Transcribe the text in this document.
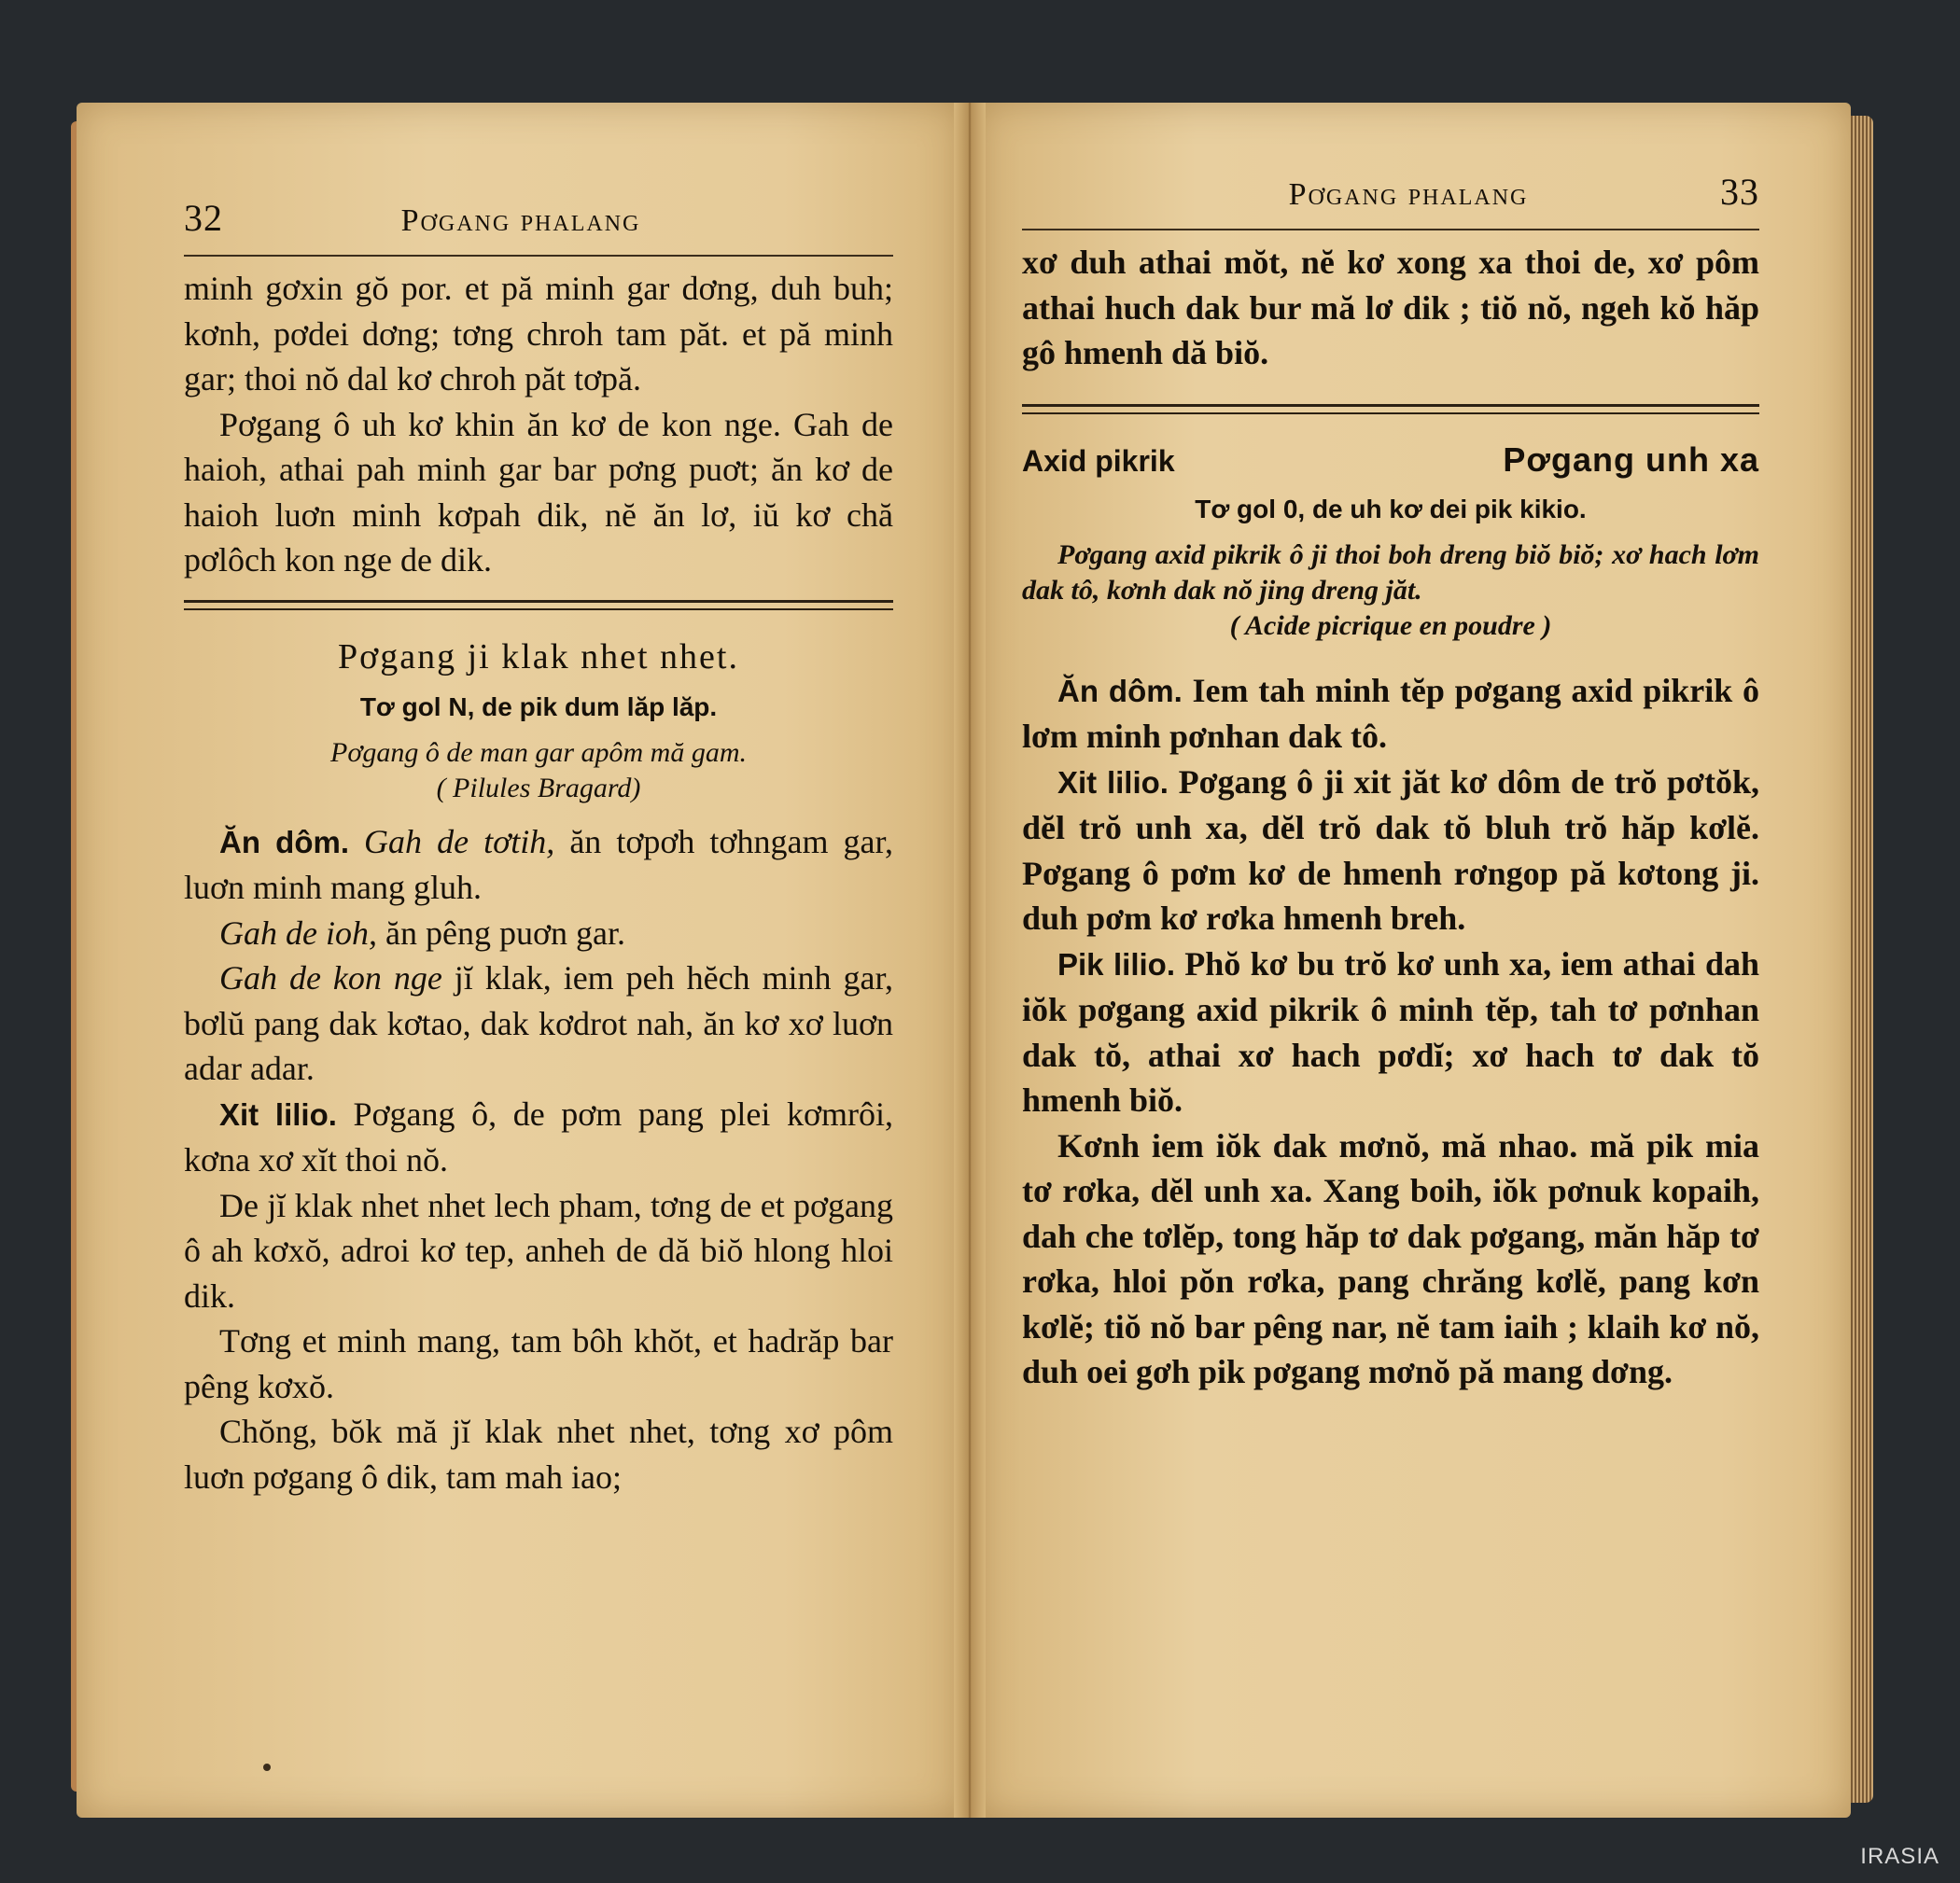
32	Pơgang phalang

minh gơxin gŏ por. et pă minh gar dơng, duh buh; kơnh, pơdei dơng; tơng chroh tam păt. et pă minh gar; thoi nŏ dal kơ chroh păt tơpă.

Pơgang ô uh kơ khin ăn kơ de kon nge. Gah de haioh, athai pah minh gar bar pơng puơt; ăn kơ de haioh luơn minh kơpah dik, nĕ ăn lơ, iŭ kơ chă pơlôch kon nge de dik.

Pơgang ji klak nhet nhet.
Tơ gol N, de pik dum lăp lăp.
Pơgang ô de man gar apôm mă gam.
( Pilules Bragard)

Ăn dôm. Gah de tơtih, ăn tơpơh tơhngam gar, luơn minh mang gluh.

Gah de ioh, ăn pêng puơn gar.

Gah de kon nge jĭ klak, iem peh hĕch minh gar, bơlŭ pang dak kơtao, dak kơdrot nah, ăn kơ xơ luơn adar adar.

Xit lilio. Pơgang ô, de pơm pang plei kơmrôi, kơna xơ xĭt thoi nŏ.

De jĭ klak nhet nhet lech pham, tơng de et pơgang ô ah kơxŏ, adroi kơ tep, anheh de dă biŏ hlong hloi dik.

Tơng et minh mang, tam bôh khŏt, et hadrăp bar pêng kơxŏ.

Chŏng, bŏk mă jĭ klak nhet nhet, tơng xơ pôm luơn pơgang ô dik, tam mah iao;

Pơgang phalang	33

xơ duh athai mŏt, nĕ kơ xong xa thoi de, xơ pôm athai huch dak bur mă lơ dik ; tiŏ nŏ, ngeh kŏ hăp gô hmenh dă biŏ.

Axid pikrik	Pơgang unh xa
Tơ gol 0, de uh kơ dei pik kikio.
Pơgang axid pikrik ô ji thoi boh dreng biŏ biŏ; xơ hach lơm dak tô, kơnh dak nŏ jing dreng jăt.
( Acide picrique en poudre )

Ăn dôm. Iem tah minh tĕp pơgang axid pikrik ô lơm minh pơnhan dak tô.

Xit lilio. Pơgang ô ji xit jăt kơ dôm de trŏ pơtŏk, dĕl trŏ unh xa, dĕl trŏ dak tŏ bluh trŏ hăp kơlĕ. Pơgang ô pơm kơ de hmenh rơngop pă kơtong ji. duh pơm kơ rơka hmenh breh.

Pik lilio. Phŏ kơ bu trŏ kơ unh xa, iem athai dah iŏk pơgang axid pikrik ô minh tĕp, tah tơ pơnhan dak tŏ, athai xơ hach pơdĭ; xơ hach tơ dak tŏ hmenh biŏ.

Kơnh iem iŏk dak mơnŏ, mă nhao. mă pik mia tơ rơka, dĕl unh xa. Xang boih, iŏk pơnuk kopaih, dah che tơlĕp, tong hăp tơ dak pơgang, măn hăp tơ rơka, hloi pŏn rơka, pang chrăng kơlĕ, pang kơn kơlĕ; tiŏ nŏ bar pêng nar, nĕ tam iaih ; klaih kơ nŏ, duh oei gơh pik pơgang mơnŏ pă mang dơng.

IRASIA
